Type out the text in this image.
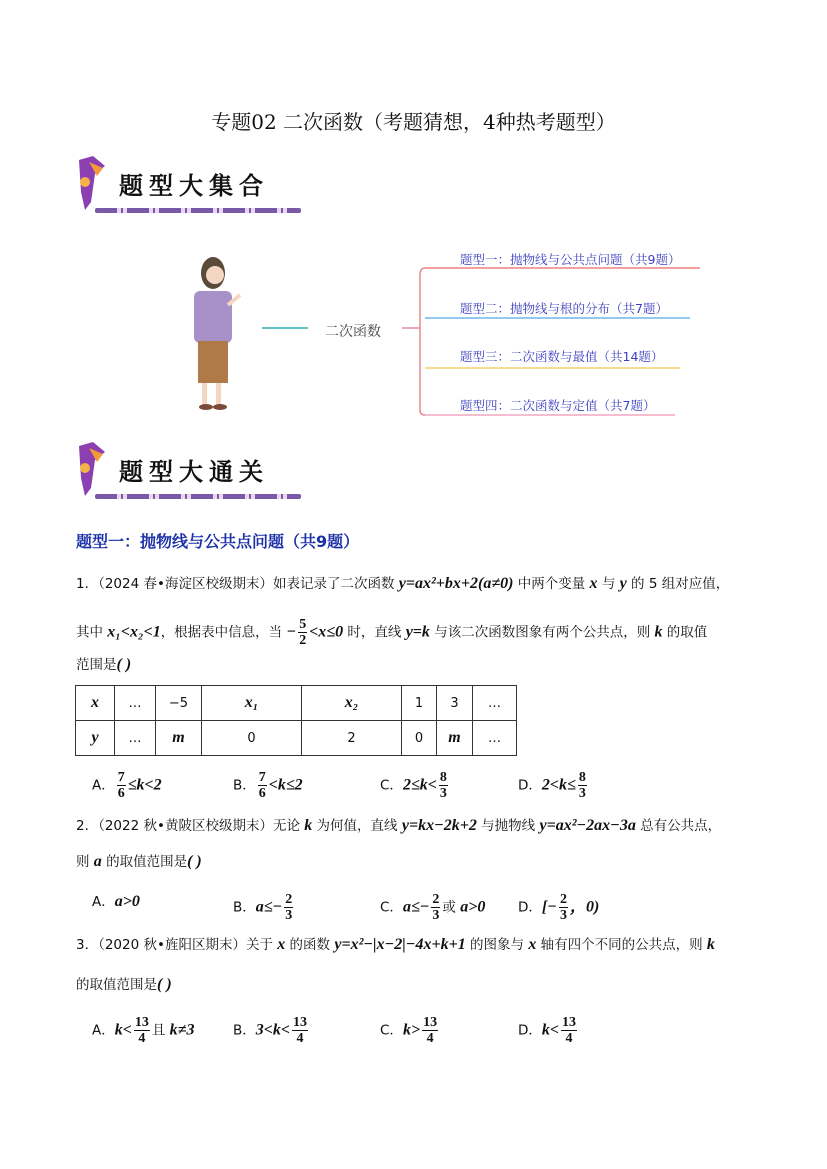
专题02 二次函数（考题猜想，4种热考题型）
题型大集合
二次函数
题型一：抛物线与公共点问题（共9题）
题型二：抛物线与根的分布（共7题）
题型三：二次函数与最值（共14题）
题型四：二次函数与定值（共7题）
题型大通关
题型一：抛物线与公共点问题（共9题）
1．（2024 春•海淀区校级期末）如表记录了二次函数 y=ax²+bx+2(a≠0) 中两个变量 x 与 y 的 5 组对应值，
其中 x₁<x₂<1，根据表中信息，当 − $\frac{5}{2} <x\le 0$ 时，直线 y=k 与该二次函数图象有两个公共点，则 k 的取值
范围是( )
A． $\frac{7}{6} \le k<2$	B． $\frac{7}{6} <k\le 2$	C．$2\le k< \frac{8}{3}$	D．$2<k\le \frac{8}{3}$
2．（2022 秋•黄陂区校级期末）无论 k 为何值，直线 y=kx−2k+2 与抛物线 y=ax²−2ax−3a 总有公共点，
则 a 的取值范围是( )
A．a>0	B．$a\le- \frac{2}{3}$	C．$a\le- \frac{2}{3}$ 或 a>0 D．[− $\frac{2}{3}$ ，0)
3．（2020 秋•旌阳区期末）关于 x 的函数 y=x²−|x−2|−4x+k+1 的图象与 x 轴有四个不同的公共点，则 k
的取值范围是( )
A．$k< \frac{13}{4}$ 且 k≠3	B．$3<k< \frac{13}{4}$	C．$k> \frac{13}{4}$	D．$k< \frac{13}{4}$
x	…	−5	x₁	x₂	1	3	…
y	…	m	0	2	0	m	…
